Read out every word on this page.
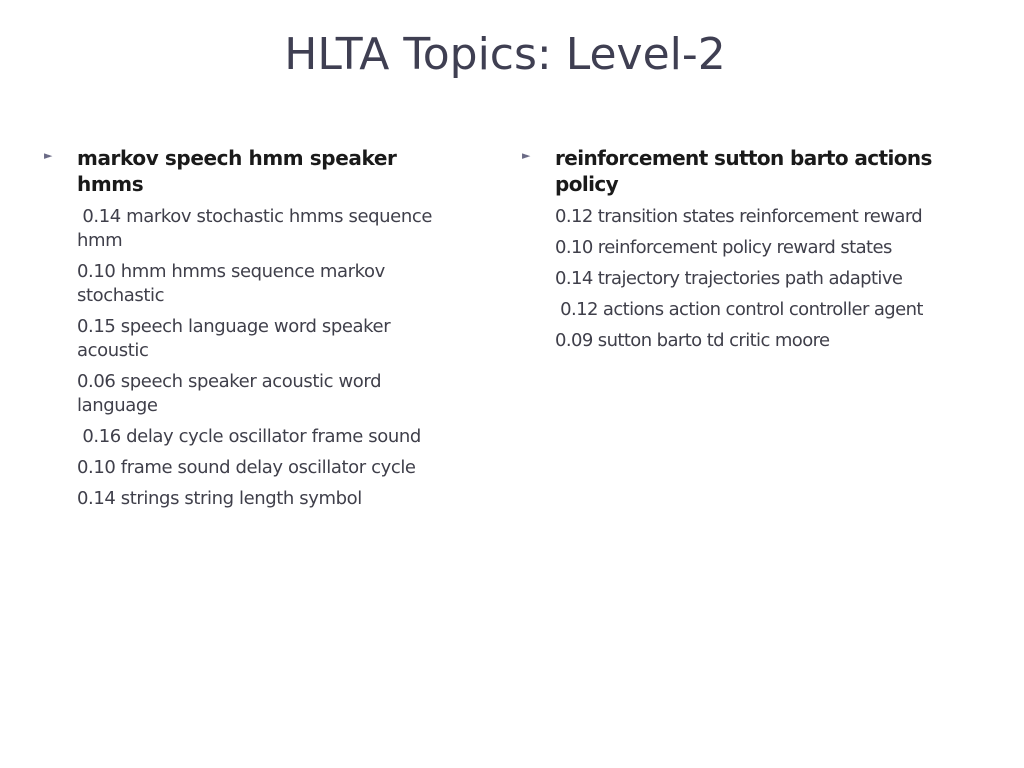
HLTA Topics: Level-2
►	markov speech hmm speaker hmms
0.14 markov stochastic hmms sequence hmm
0.10 hmm hmms sequence markov stochastic
0.15 speech language word speaker acoustic
0.06 speech speaker acoustic word language
0.16 delay cycle oscillator frame sound
0.10 frame sound delay oscillator cycle
0.14 strings string length symbol
►	reinforcement sutton barto actions policy
0.12 transition states reinforcement reward
0.10 reinforcement policy reward states
0.14 trajectory trajectories path adaptive
0.12 actions action control controller agent
0.09 sutton barto td critic moore
